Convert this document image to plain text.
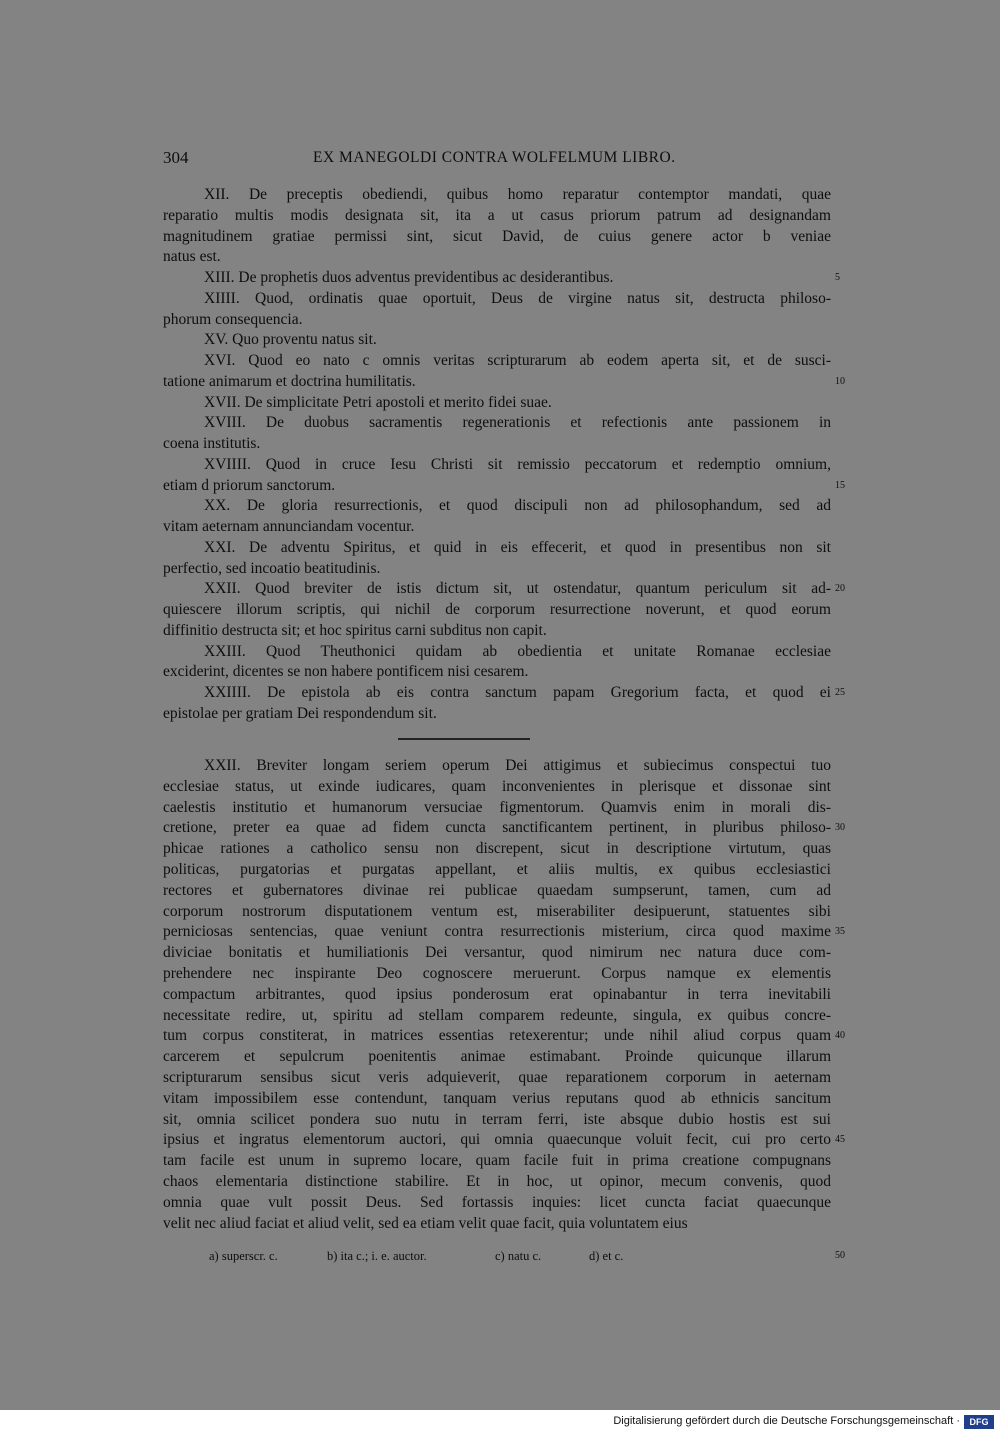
304	EX MANEGOLDI CONTRA WOLFELMUM LIBRO.
XII. De preceptis obediendi, quibus homo reparatur contemptor mandati, quae
reparatio multis modis designata sit, ita a ut casus priorum patrum ad designandam
magnitudinem gratiae permissi sint, sicut David, de cuius genere actor b veniae
natus est.
XIII. De prophetis duos adventus previdentibus ac desiderantibus.
XIIII. Quod, ordinatis quae oportuit, Deus de virgine natus sit, destructa philoso-
phorum consequencia.
XV. Quo proventu natus sit.
XVI. Quod eo nato c omnis veritas scripturarum ab eodem aperta sit, et de susci-
tatione animarum et doctrina humilitatis.
XVII. De simplicitate Petri apostoli et merito fidei suae.
XVIII. De duobus sacramentis regenerationis et refectionis ante passionem in
coena institutis.
XVIIII. Quod in cruce Iesu Christi sit remissio peccatorum et redemptio omnium,
etiam d priorum sanctorum.
XX. De gloria resurrectionis, et quod discipuli non ad philosophandum, sed ad
vitam aeternam annunciandam vocentur.
XXI. De adventu Spiritus, et quid in eis effecerit, et quod in presentibus non sit
perfectio, sed incoatio beatitudinis.
XXII. Quod breviter de istis dictum sit, ut ostendatur, quantum periculum sit ad-
quiescere illorum scriptis, qui nichil de corporum resurrectione noverunt, et quod eorum
diffinitio destructa sit; et hoc spiritus carni subditus non capit.
XXIII. Quod Theuthonici quidam ab obedientia et unitate Romanae ecclesiae
exciderint, dicentes se non habere pontificem nisi cesarem.
XXIIII. De epistola ab eis contra sanctum papam Gregorium facta, et quod ei
epistolae per gratiam Dei respondendum sit.
5
10
15
20
25
XXII. Breviter longam seriem operum Dei attigimus et subiecimus conspectui tuo
ecclesiae status, ut exinde iudicares, quam inconvenientes in plerisque et dissonae sint
caelestis institutio et humanorum versuciae figmentorum. Quamvis enim in morali dis-
cretione, preter ea quae ad fidem cuncta sanctificantem pertinent, in pluribus philoso-
phicae rationes a catholico sensu non discrepent, sicut in descriptione virtutum, quas
politicas, purgatorias et purgatas appellant, et aliis multis, ex quibus ecclesiastici
rectores et gubernatores divinae rei publicae quaedam sumpserunt, tamen, cum ad
corporum nostrorum disputationem ventum est, miserabiliter desipuerunt, statuentes sibi
perniciosas sentencias, quae veniunt contra resurrectionis misterium, circa quod maxime
diviciae bonitatis et humiliationis Dei versantur, quod nimirum nec natura duce com-
prehendere nec inspirante Deo cognoscere meruerunt. Corpus namque ex elementis
compactum arbitrantes, quod ipsius ponderosum erat opinabantur in terra inevitabili
necessitate redire, ut, spiritu ad stellam comparem redeunte, singula, ex quibus concre-
tum corpus constiterat, in matrices essentias retexerentur; unde nihil aliud corpus quam
carcerem et sepulcrum poenitentis animae estimabant. Proinde quicunque illarum
scripturarum sensibus sicut veris adquieverit, quae reparationem corporum in aeternam
vitam impossibilem esse contendunt, tanquam verius reputans quod ab ethnicis sancitum
sit, omnia scilicet pondera suo nutu in terram ferri, iste absque dubio hostis est sui
ipsius et ingratus elementorum auctori, qui omnia quaecunque voluit fecit, cui pro certo
tam facile est unum in supremo locare, quam facile fuit in prima creatione compugnans
chaos elementaria distinctione stabilire. Et in hoc, ut opinor, mecum convenis, quod
omnia quae vult possit Deus. Sed fortassis inquies: licet cuncta faciat quaecunque
velit nec aliud faciat et aliud velit, sed ea etiam velit quae facit, quia voluntatem eius
30
35
40
45
a) superscr. c.	b) ita c.; i. e. auctor.	c) natu c.	d) et c.	50
Digitalisierung gefördert durch die Deutsche Forschungsgemeinschaft ·	DFG
